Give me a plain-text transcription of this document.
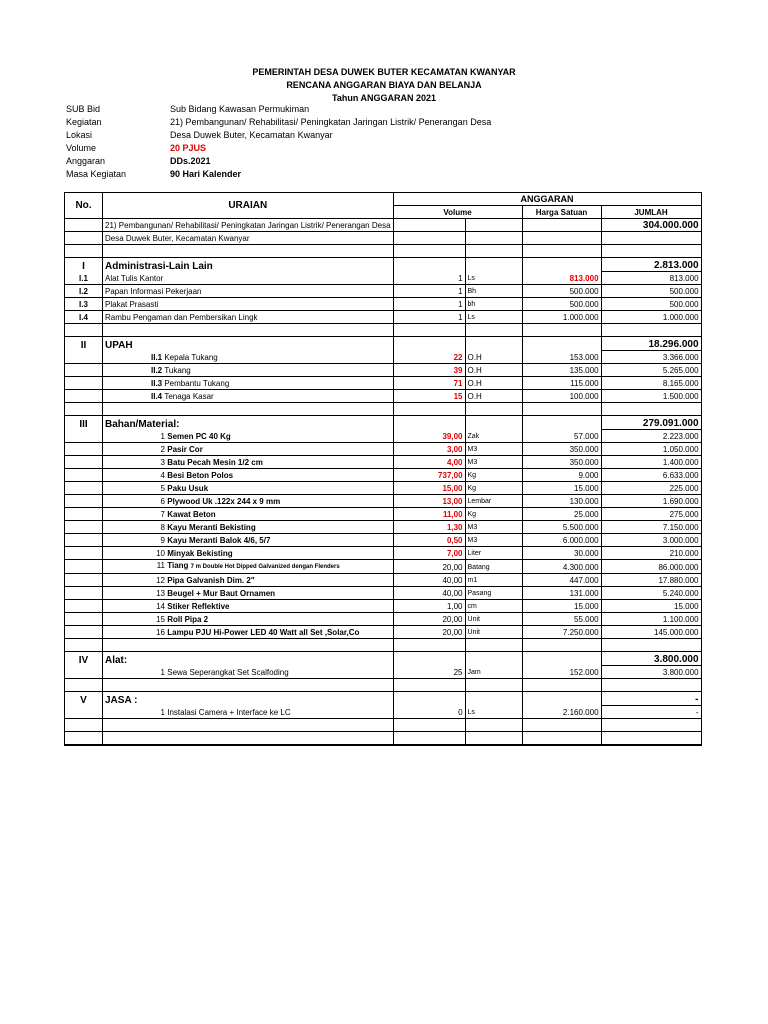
PEMERINTAH DESA DUWEK BUTER KECAMATAN KWANYAR
RENCANA ANGGARAN BIAYA DAN BELANJA
Tahun ANGGARAN 2021
SUB Bid	Sub Bidang Kawasan Permukiman
Kegiatan	21) Pembangunan/ Rehabilitasi/ Peningkatan Jaringan Listrik/ Penerangan Desa
Lokasi	Desa Duwek Buter, Kecamatan Kwanyar
Volume	20 PJUS
Anggaran	DDs.2021
Masa Kegiatan	90 Hari Kalender
No.	URAIAN	ANGGARAN			
		Volume		Harga Satuan	JUMLAH
	21) Pembangunan/ Rehabilitasi/ Peningkatan Jaringan Listrik/ Penerangan Desa				304.000.000
	Desa Duwek Buter, Kecamatan Kwanyar				

I	Administrasi-Lain Lain				2.813.000
I.1	Alat Tulis Kantor	1	Ls	813.000	813.000
I.2	Papan Informasi Pekerjaan	1	Bh	500.000	500.000
I.3	Plakat Prasasti	1	bh	500.000	500.000
I.4	Rambu Pengaman dan Pembersikan Lingk	1	Ls	1.000.000	1.000.000

II	UPAH				18.296.000
	II.1 Kepala Tukang	22	O.H	153.000	3.366.000
	II.2 Tukang	39	O.H	135.000	5.265.000
	II.3 Pembantu Tukang	71	O.H	115.000	8.165.000
	II.4 Tenaga Kasar	15	O.H	100.000	1.500.000

III	Bahan/Material:				279.091.000
	1 Semen PC 40 Kg	39,00	Zak	57.000	2.223.000
	2 Pasir Cor	3,00	M3	350.000	1.050.000
	3 Batu Pecah Mesin 1/2 cm	4,00	M3	350.000	1.400.000
	4 Besi Beton Polos	737,00	Kg	9.000	6.633.000
	5 Paku Usuk	15,00	Kg	15.000	225.000
	6 Plywood Uk .122x 244 x 9 mm	13,00	Lembar	130.000	1.690.000
	7 Kawat Beton	11,00	Kg	25.000	275.000
	8 Kayu Meranti Bekisting	1,30	M3	5.500.000	7.150.000
	9 Kayu Meranti Balok 4/6, 5/7	0,50	M3	6.000.000	3.000.000
	10 Minyak Bekisting	7,00	Liter	30.000	210.000
	11 Tiang 7 m Double Hot Dipped Galvanized dengan Flenders	20,00	Batang	4.300.000	86.000.000
	12 Pipa Galvanish Dim. 2"	40,00	m1	447.000	17.880.000
	13 Beugel + Mur Baut Ornamen	40,00	Pasang	131.000	5.240.000
	14 Stiker Reflektive	1,00	cm	15.000	15.000
	15 Roll Pipa 2	20,00	Unit	55.000	1.100.000
	16 Lampu PJU Hi-Power LED 40 Watt all Set ,Solar,Co	20,00	Unit	7.250.000	145.000.000

IV	Alat:				3.800.000
	1 Sewa Seperangkat Set Scalfoding	25	Jam	152.000	3.800.000

V	JASA :				-
	1 Instalasi Camera + Interface ke LC	0	Ls	2.160.000	-
